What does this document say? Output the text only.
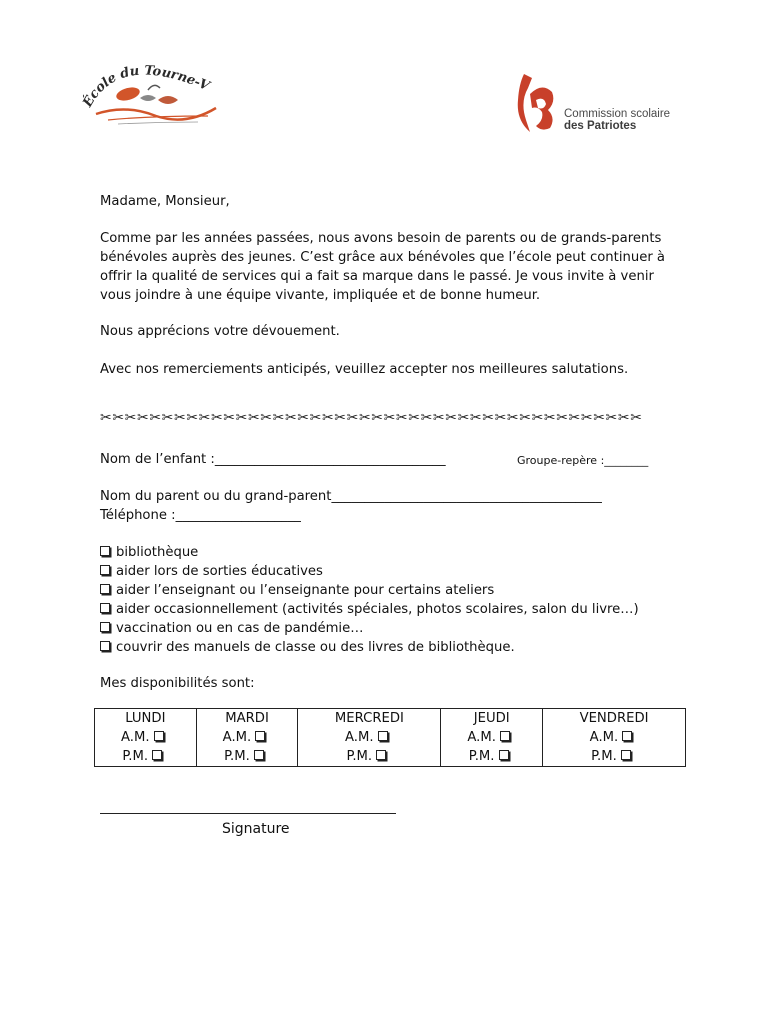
École du Tourne-V
Commission scolaire
des Patriotes
Madame, Monsieur,
Comme par les années passées, nous avons besoin de parents ou de grands-parents
bénévoles auprès des jeunes. C’est grâce aux bénévoles que l’école peut continuer à
offrir la qualité de services qui a fait sa marque dans le passé. Je vous invite à venir
vous joindre à une équipe vivante, impliquée et de bonne humeur.
Nous apprécions votre dévouement.
Avec nos remerciements anticipés, veuillez accepter nos meilleures salutations.
✂✂✂✂✂✂✂✂✂✂✂✂✂✂✂✂✂✂✂✂✂✂✂✂✂✂✂✂✂✂✂✂✂✂✂✂✂✂✂✂✂✂✂✂
Nom de l’enfant :___________________________________	Groupe-repère :________
Nom du parent ou du grand-parent_________________________________________
Téléphone :___________________
bibliothèque
aider lors de sorties éducatives
aider l’enseignant ou l’enseignante pour certains ateliers
aider occasionnellement (activités spéciales, photos scolaires, salon du livre…)
vaccination ou en cas de pandémie…
couvrir des manuels de classe ou des livres de bibliothèque.
Mes disponibilités sont:
LUNDI	MARDI	MERCREDI	JEUDI	VENDREDI
A.M.	A.M.	A.M.	A.M.	A.M.
P.M.	P.M.	P.M.	P.M.	P.M.
Signature
